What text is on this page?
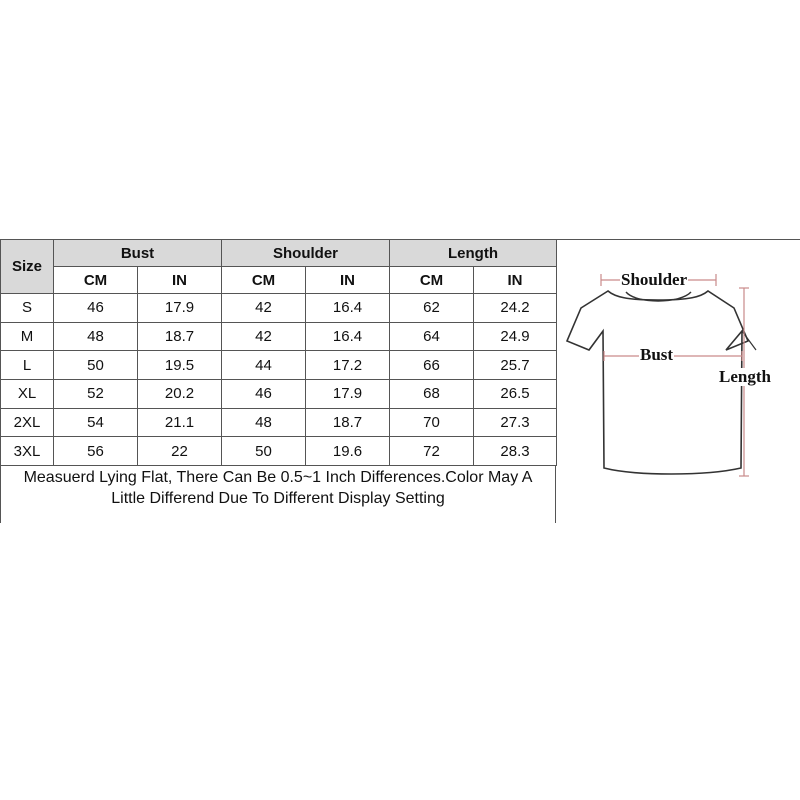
Size	Bust		Shoulder		Length	
	CM	IN	CM	IN	CM	IN
S	46	17.9	42	16.4	62	24.2
M	48	18.7	42	16.4	64	24.9
L	50	19.5	44	17.2	66	25.7
XL	52	20.2	46	17.9	68	26.5
2XL	54	21.1	48	18.7	70	27.3
3XL	56	22	50	19.6	72	28.3
Measuerd Lying Flat, There Can Be 0.5~1 Inch Differences.Color May A
Little Differend Due To Different Display Setting
Shoulder
Bust
Length
